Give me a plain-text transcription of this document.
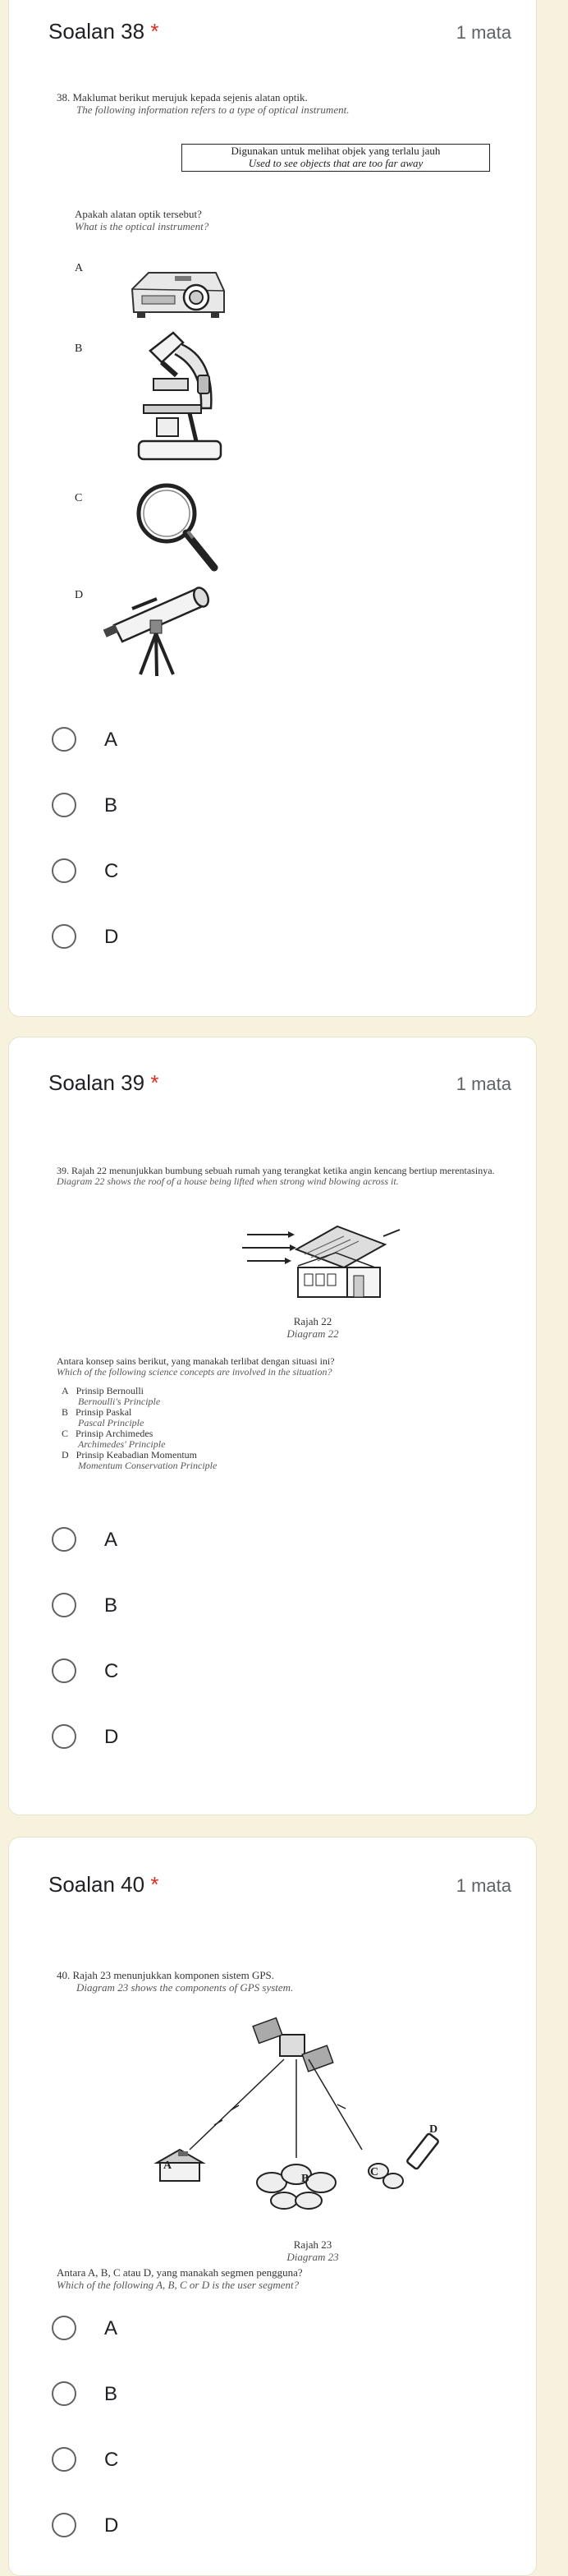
Soalan 38 *	1 mata
38. Maklumat berikut merujuk kepada sejenis alatan optik.
The following information refers to a type of optical instrument.
Digunakan untuk melihat objek yang terlalu jauh
Used to see objects that are too far away
Apakah alatan optik tersebut?
What is the optical instrument?
A
B
C
D
A
B
C
D
Soalan 39 *	1 mata
39. Rajah 22 menunjukkan bumbung sebuah rumah yang terangkat ketika angin kencang bertiup merentasinya.
Diagram 22 shows the roof of a house being lifted when strong wind blowing across it.
Rajah 22
Diagram 22
Antara konsep sains berikut, yang manakah terlibat dengan situasi ini?
Which of the following science concepts are involved in the situation?
A Prinsip Bernoulli
Bernoulli's Principle
B Prinsip Paskal
Pascal Principle
C Prinsip Archimedes
Archimedes' Principle
D Prinsip Keabadian Momentum
Momentum Conservation Principle
A
B
C
D
Soalan 40 *	1 mata
40. Rajah 23 menunjukkan komponen sistem GPS.
Diagram 23 shows the components of GPS system.
A
B
C
D
Rajah 23
Diagram 23
Antara A, B, C atau D, yang manakah segmen pengguna?
Which of the following A, B, C or D is the user segment?
A
B
C
D
